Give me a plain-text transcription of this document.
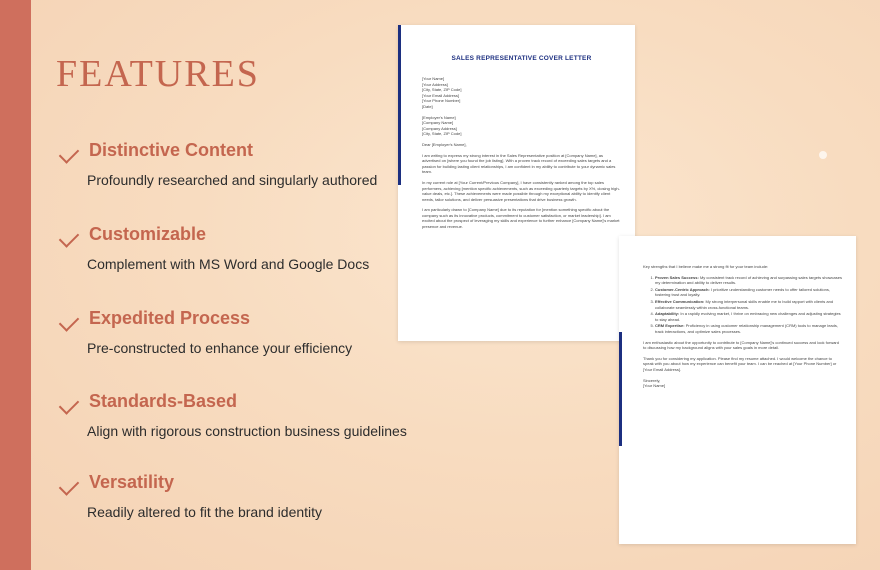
FEATURES
Distinctive Content
Profoundly researched and singularly authored
Customizable
Complement with MS Word and Google Docs
Expedited Process
Pre-constructed to enhance your efficiency
Standards-Based
Align with rigorous construction business guidelines
Versatility
Readily altered to fit the brand identity
SALES REPRESENTATIVE COVER LETTER

[Your Name]
[Your Address]
[City, State, ZIP Code]
[Your Email Address]
[Your Phone Number]
[Date]

[Employer's Name]
[Company Name]
[Company Address]
[City, State, ZIP Code]

Dear [Employer's Name],

I am writing to express my strong interest in the Sales Representative position at [Company Name], as advertised on [where you found the job listing]. With a proven track record of exceeding sales targets and a passion for building lasting client relationships, I am confident in my ability to contribute to your dynamic sales team.

In my current role at [Your Current/Previous Company], I have consistently ranked among the top sales performers, achieving [mention specific achievements, such as exceeding quarterly targets by X%, closing high-value deals, etc.]. These achievements were made possible through my exceptional ability to identify client needs, tailor solutions, and deliver persuasive presentations that drive business growth.

I am particularly drawn to [Company Name] due to its reputation for [mention something specific about the company such as its innovative products, commitment to customer satisfaction, or market leadership]. I am excited about the prospect of leveraging my skills and experience to further enhance [Company Name]'s market presence and revenue.

Key strengths that I believe make me a strong fit for your team include:

1. Proven Sales Success: My consistent track record of achieving and surpassing sales targets showcases my determination and ability to deliver results.
2. Customer-Centric Approach: I prioritize understanding customer needs to offer tailored solutions, fostering trust and loyalty.
3. Effective Communication: My strong interpersonal skills enable me to build rapport with clients and collaborate seamlessly within cross-functional teams.
4. Adaptability: In a rapidly evolving market, I thrive on embracing new challenges and adjusting strategies to stay ahead.
5. CRM Expertise: Proficiency in using customer relationship management (CRM) tools to manage leads, track interactions, and optimize sales processes.

I am enthusiastic about the opportunity to contribute to [Company Name]'s continued success and look forward to discussing how my background aligns with your sales goals in more detail.

Thank you for considering my application. Please find my resume attached. I would welcome the chance to speak with you about how my experience can benefit your team. I can be reached at [Your Phone Number] or [Your Email Address].

Sincerely,
[Your Name]
